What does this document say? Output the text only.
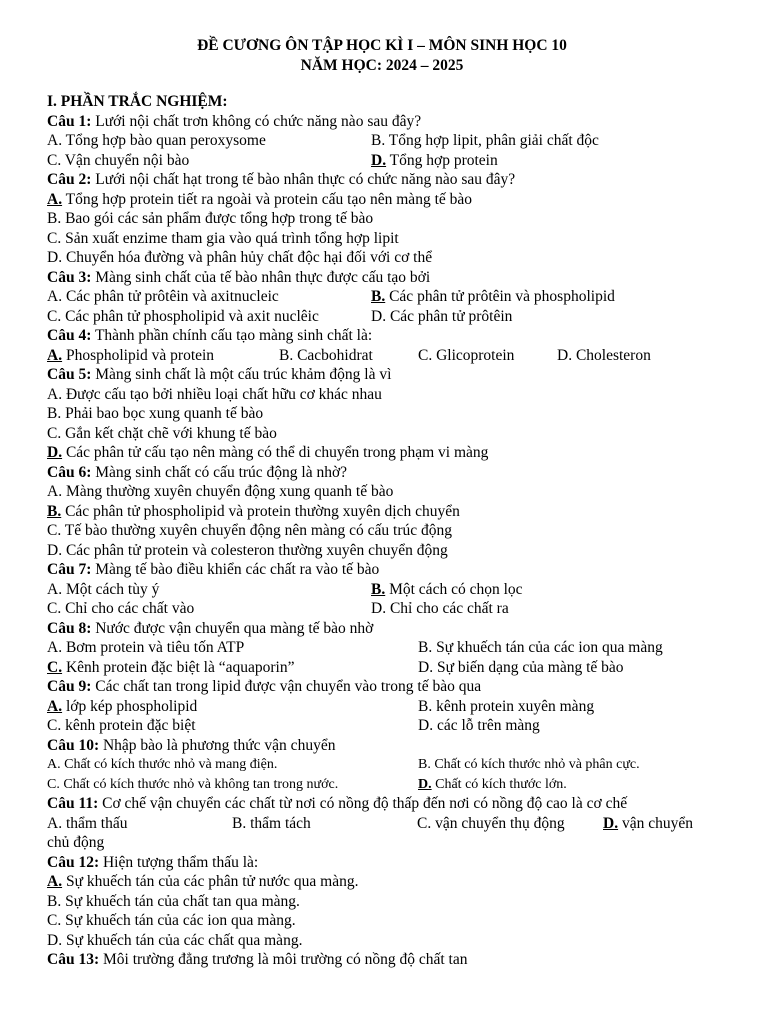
ĐỀ CƯƠNG ÔN TẬP HỌC KÌ I – MÔN SINH HỌC 10
NĂM HỌC: 2024 – 2025
I. PHẦN TRẮC NGHIỆM:
Câu 1: Lưới nội chất trơn không có chức năng nào sau đây?
A. Tổng hợp bào quan peroxysome	B. Tổng hợp lipit, phân giải chất độc
C. Vận chuyển nội bào	D. Tổng hợp protein
Câu 2: Lưới nội chất hạt trong tế bào nhân thực có chức năng nào sau đây?
A. Tổng hợp protein tiết ra ngoài và protein cấu tạo nên màng tế bào
B. Bao gói các sản phẩm được tổng hợp trong tế bào
C. Sản xuất enzime tham gia vào quá trình tổng hợp lipit
D. Chuyển hóa đường và phân hủy chất độc hại đối với cơ thể
Câu 3: Màng sinh chất của tế bào nhân thực được cấu tạo bởi
A. Các phân tử prôtêin và axitnucleic	B. Các phân tử prôtêin và phospholipid
C. Các phân tử phospholipid và axit nuclêic	D. Các phân tử prôtêin
Câu 4: Thành phần chính cấu tạo màng sinh chất là:
A. Phospholipid và protein	B. Cacbohidrat	C. Glicoprotein	D. Cholesteron
Câu 5: Màng sinh chất là một cấu trúc khảm động là vì
A. Được cấu tạo bởi nhiều loại chất hữu cơ khác nhau
B. Phải bao bọc xung quanh tế bào
C. Gắn kết chặt chẽ với khung tế bào
D. Các phân tử cấu tạo nên màng có thể di chuyển trong phạm vi màng
Câu 6: Màng sinh chất có cấu trúc động là nhờ?
A. Màng thường xuyên chuyển động xung quanh tế bào
B. Các phân tử phospholipid và protein thường xuyên dịch chuyển
C. Tế bào thường xuyên chuyển động nên màng có cấu trúc động
D. Các phân tử protein và colesteron thường xuyên chuyển động
Câu 7: Màng tế bào điều khiển các chất ra vào tế bào
A. Một cách tùy ý	B. Một cách có chọn lọc
C. Chỉ cho các chất vào	D. Chỉ cho các chất ra
Câu 8: Nước được vận chuyển qua màng tế bào nhờ
A. Bơm protein và tiêu tốn ATP	B. Sự khuếch tán của các ion qua màng
C. Kênh protein đặc biệt là “aquaporin”	D. Sự biến dạng của màng tế bào
Câu 9: Các chất tan trong lipid được vận chuyển vào trong tế bào qua
A. lớp kép phospholipid	B. kênh protein xuyên màng
C. kênh protein đặc biệt	D. các lỗ trên màng
Câu 10: Nhập bào là phương thức vận chuyển
A. Chất có kích thước nhỏ và mang điện.	B. Chất có kích thước nhỏ và phân cực.
C. Chất có kích thước nhỏ và không tan trong nước.	D. Chất có kích thước lớn.
Câu 11: Cơ chế vận chuyển các chất từ nơi có nồng độ thấp đến nơi có nồng độ cao là cơ chế
A. thẩm thấu	B. thẩm tách	C. vận chuyển thụ động D. vận chuyển chủ động
Câu 12: Hiện tượng thẩm thấu là:
A. Sự khuếch tán của các phân tử nước qua màng.
B. Sự khuếch tán của chất tan qua màng.
C. Sự khuếch tán của các ion qua màng.
D. Sự khuếch tán của các chất qua màng.
Câu 13: Môi trường đẳng trương là môi trường có nồng độ chất tan
